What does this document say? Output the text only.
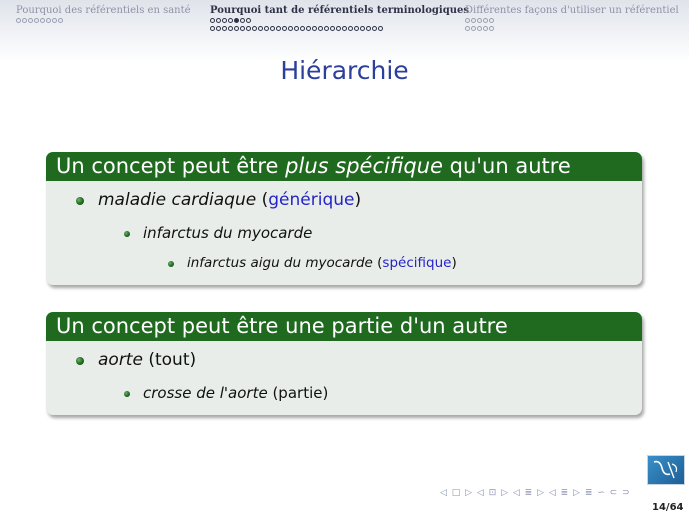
Pourquoi des référentiels en santé Pourquoi tant de référentiels terminologiques
Différentes façons d'utiliser un référentiel
Hiérarchie
Un concept peut être plus spécifique qu'un autre
maladie cardiaque (générique)
infarctus du myocarde
infarctus aigu du myocarde (spécifique)
Un concept peut être une partie d'un autre
aorte (tout)
crosse de l'aorte (partie)
◁ □ ▷ ◁ ⊡ ▷ ◁ ≣ ▷ ◁ ≣ ▷ ≣ ∽ ⊂ ⊃
14/64
